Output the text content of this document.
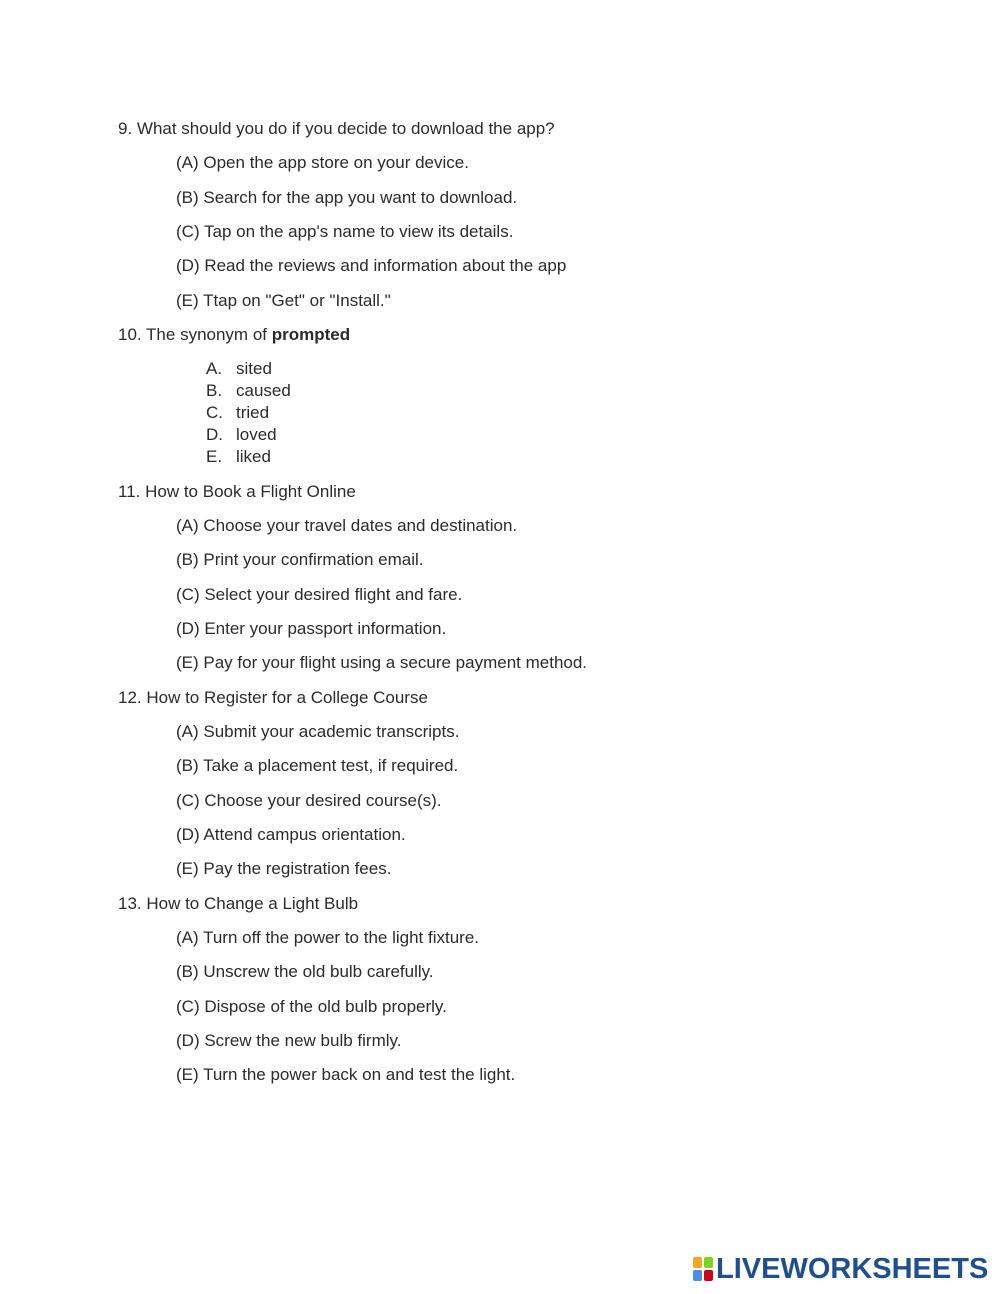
9. What should you do if you decide to download the app?
(A) Open the app store on your device.
(B) Search for the app you want to download.
(C) Tap on the app's name to view its details.
(D) Read the reviews and information about the app
(E) Ttap on "Get" or "Install."
10. The synonym of prompted
A. sited
B. caused
C. tried
D. loved
E. liked
11. How to Book a Flight Online
(A) Choose your travel dates and destination.
(B) Print your confirmation email.
(C) Select your desired flight and fare.
(D) Enter your passport information.
(E) Pay for your flight using a secure payment method.
12. How to Register for a College Course
(A) Submit your academic transcripts.
(B) Take a placement test, if required.
(C) Choose your desired course(s).
(D) Attend campus orientation.
(E) Pay the registration fees.
13. How to Change a Light Bulb
(A) Turn off the power to the light fixture.
(B) Unscrew the old bulb carefully.
(C) Dispose of the old bulb properly.
(D) Screw the new bulb firmly.
(E) Turn the power back on and test the light.
LIVEWORKSHEETS
